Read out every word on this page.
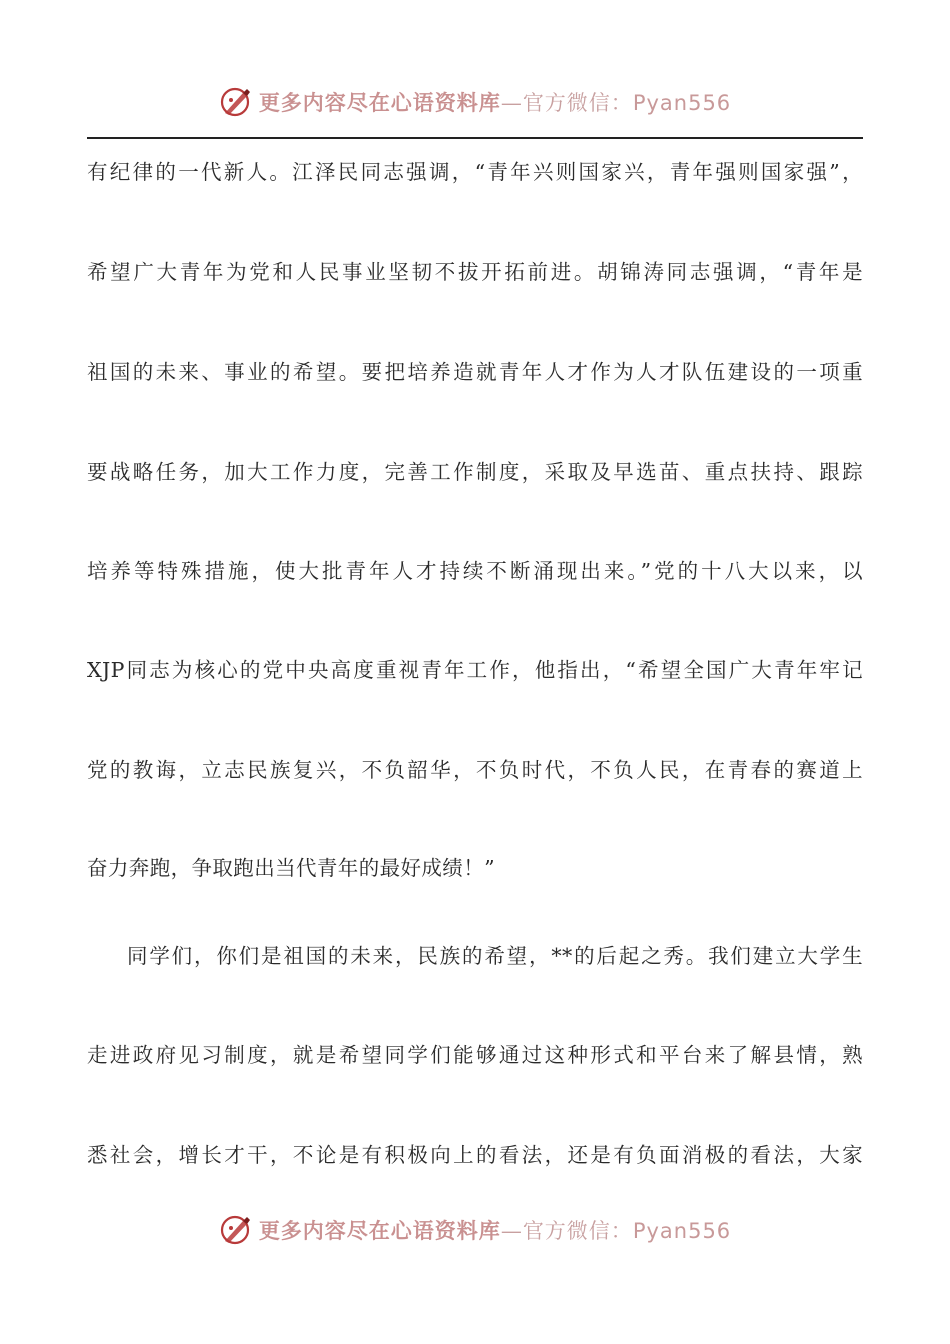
更多内容尽在心语资料库—官方微信：Pyan556
有纪律的一代新人。江泽民同志强调，“青年兴则国家兴，青年强则国家强”，
希望广大青年为党和人民事业坚韧不拔开拓前进。胡锦涛同志强调，“青年是
祖国的未来、事业的希望。要把培养造就青年人才作为人才队伍建设的一项重
要战略任务，加大工作力度，完善工作制度，采取及早选苗、重点扶持、跟踪
培养等特殊措施，使大批青年人才持续不断涌现出来。”党的十八大以来，以
XJP同志为核心的党中央高度重视青年工作，他指出，“希望全国广大青年牢记
党的教诲，立志民族复兴，不负韶华，不负时代，不负人民，在青春的赛道上
奋力奔跑，争取跑出当代青年的最好成绩！”
同学们，你们是祖国的未来，民族的希望，**的后起之秀。我们建立大学生
走进政府见习制度，就是希望同学们能够通过这种形式和平台来了解县情，熟
悉社会，增长才干，不论是有积极向上的看法，还是有负面消极的看法，大家
更多内容尽在心语资料库—官方微信：Pyan556
